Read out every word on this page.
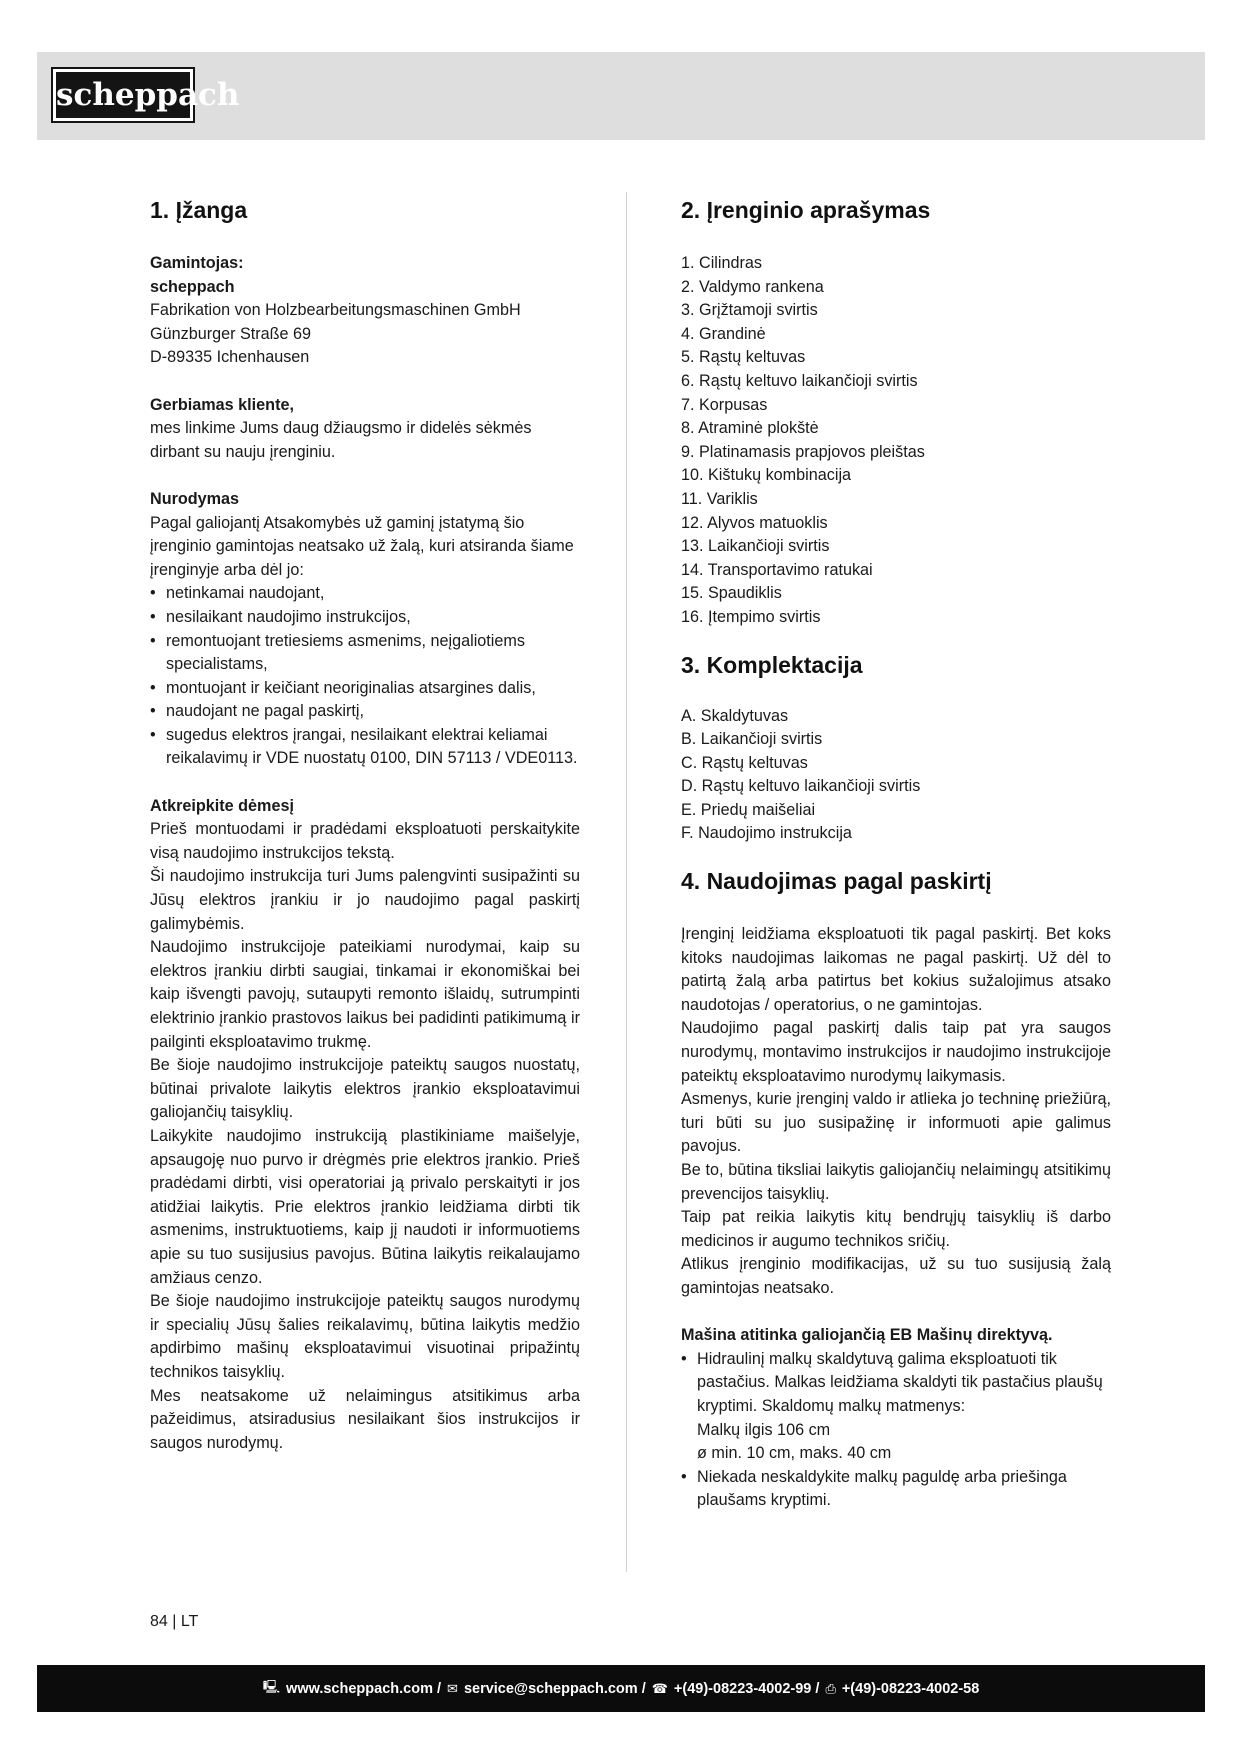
scheppach
1. Įžanga

Gamintojas:

scheppach

Fabrikation von Holzbearbeitungsmaschinen GmbH

Günzburger Straße 69

D-89335 Ichenhausen

Gerbiamas kliente,

mes linkime Jums daug džiaugsmo ir didelės sėkmės dirbant su nauju įrenginiu.

Nurodymas

Pagal galiojantį Atsakomybės už gaminį įstatymą šio įrenginio gamintojas neatsako už žalą, kuri atsiranda šiame įrenginyje arba dėl jo:

• netinkamai naudojant,
• nesilaikant naudojimo instrukcijos,
• remontuojant tretiesiems asmenims, neįgaliotiems specialistams,
• montuojant ir keičiant neoriginalias atsargines dalis,
• naudojant ne pagal paskirtį,
• sugedus elektros įrangai, nesilaikant elektrai keliamai reikalavimų ir VDE nuostatų 0100, DIN 57113 / VDE0113.

Atkreipkite dėmesį

Prieš montuodami ir pradėdami eksploatuoti perskaitykite visą naudojimo instrukcijos tekstą.

Ši naudojimo instrukcija turi Jums palengvinti susipažinti su Jūsų elektros įrankiu ir jo naudojimo pagal paskirtį galimybėmis.

Naudojimo instrukcijoje pateikiami nurodymai, kaip su elektros įrankiu dirbti saugiai, tinkamai ir ekonomiškai bei kaip išvengti pavojų, sutaupyti remonto išlaidų, sutrumpinti elektrinio įrankio prastovos laikus bei padidinti patikimumą ir pailginti eksploatavimo trukmę.

Be šioje naudojimo instrukcijoje pateiktų saugos nuostatų, būtinai privalote laikytis elektros įrankio eksploatavimui galiojančių taisyklių.

Laikykite naudojimo instrukciją plastikiniame maišelyje, apsaugoję nuo purvo ir drėgmės prie elektros įrankio. Prieš pradėdami dirbti, visi operatoriai ją privalo perskaityti ir jos atidžiai laikytis. Prie elektros įrankio leidžiama dirbti tik asmenims, instruktuotiems, kaip jį naudoti ir informuotiems apie su tuo susijusius pavojus. Būtina laikytis reikalaujamo amžiaus cenzo.

Be šioje naudojimo instrukcijoje pateiktų saugos nurodymų ir specialių Jūsų šalies reikalavimų, būtina laikytis medžio apdirbimo mašinų eksploatavimui visuotinai pripažintų technikos taisyklių.

Mes neatsakome už nelaimingus atsitikimus arba pažeidimus, atsiradusius nesilaikant šios instrukcijos ir saugos nurodymų.

2. Įrenginio aprašymas
1. Cilindras
2. Valdymo rankena
3. Grįžtamoji svirtis
4. Grandinė
5. Rąstų keltuvas
6. Rąstų keltuvo laikančioji svirtis
7. Korpusas
8. Atraminė plokštė
9. Platinamasis prapjovos pleištas
10. Kištukų kombinacija
11. Variklis
12. Alyvos matuoklis
13. Laikančioji svirtis
14. Transportavimo ratukai
15. Spaudiklis
16. Įtempimo svirtis
3. Komplektacija
A. Skaldytuvas
B. Laikančioji svirtis
C. Rąstų keltuvas
D. Rąstų keltuvo laikančioji svirtis
E. Priedų maišeliai
F. Naudojimo instrukcija
4. Naudojimas pagal paskirtį

Įrenginį leidžiama eksploatuoti tik pagal paskirtį. Bet koks kitoks naudojimas laikomas ne pagal paskirtį. Už dėl to patirtą žalą arba patirtus bet kokius sužalojimus atsako naudotojas / operatorius, o ne gamintojas.

Naudojimo pagal paskirtį dalis taip pat yra saugos nurodymų, montavimo instrukcijos ir naudojimo instrukcijoje pateiktų eksploatavimo nurodymų laikymasis.

Asmenys, kurie įrenginį valdo ir atlieka jo techninę priežiūrą, turi būti su juo susipažinę ir informuoti apie galimus pavojus.

Be to, būtina tiksliai laikytis galiojančių nelaimingų atsitikimų prevencijos taisyklių.

Taip pat reikia laikytis kitų bendrųjų taisyklių iš darbo medicinos ir augumo technikos sričių.

Atlikus įrenginio modifikacijas, už su tuo susijusią žalą gamintojas neatsako.

Mašina atitinka galiojančią EB Mašinų direktyvą.

• Hidraulinį malkų skaldytuvą galima eksploatuoti tik pastačius. Malkas leidžiama skaldyti tik pastačius plaušų kryptimi. Skaldomų malkų matmenys:
Malkų ilgis 106 cm
ø min. 10 cm, maks. 40 cm
• Niekada neskaldykite malkų paguldę arba priešinga plaušams kryptimi.
84 | LT
🖳︎ www.scheppach.com / ✉ service@scheppach.com / ☎ +(49)-08223-4002-99 / ⎙ +(49)-08223-4002-58
